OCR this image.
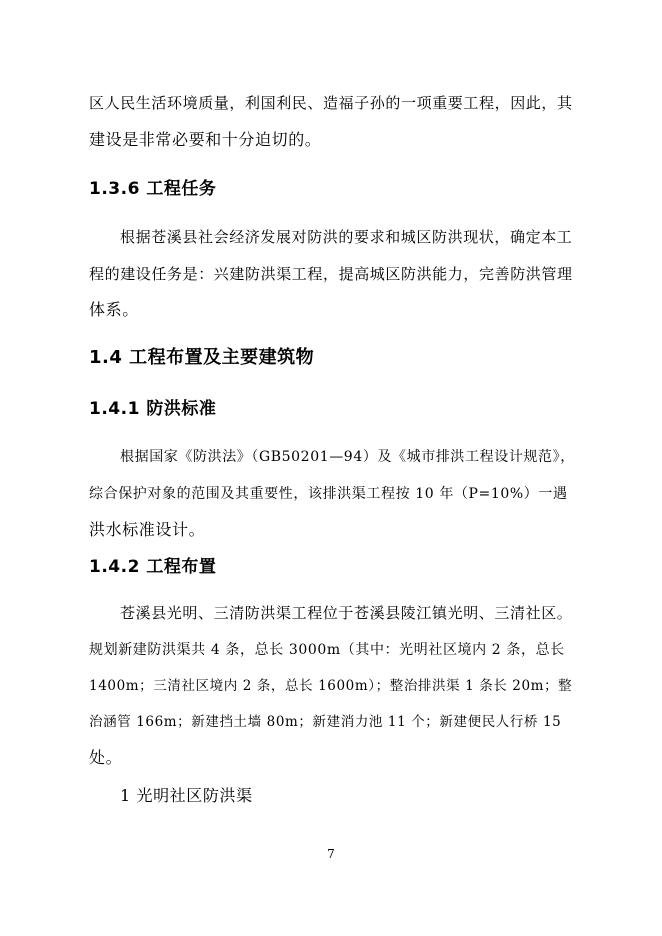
区人民生活环境质量，利国利民、造福子孙的一项重要工程，因此，其
建设是非常必要和十分迫切的。
1.3.6 工程任务
根据苍溪县社会经济发展对防洪的要求和城区防洪现状，确定本工
程的建设任务是：兴建防洪渠工程，提高城区防洪能力，完善防洪管理
体系。
1.4 工程布置及主要建筑物
1.4.1 防洪标准
根据国家《防洪法》（GB50201—94）及《城市排洪工程设计规范》，
综合保护对象的范围及其重要性，该排洪渠工程按 10 年（P=10%）一遇
洪水标准设计。
1.4.2 工程布置
苍溪县光明、三清防洪渠工程位于苍溪县陵江镇光明、三清社区。
规划新建防洪渠共 4 条，总长 3000m（其中：光明社区境内 2 条，总长
1400m；三清社区境内 2 条，总长 1600m）；整治排洪渠 1 条长 20m；整
治涵管 166m；新建挡土墙 80m；新建消力池 11 个；新建便民人行桥 15
处。
1 光明社区防洪渠
7
